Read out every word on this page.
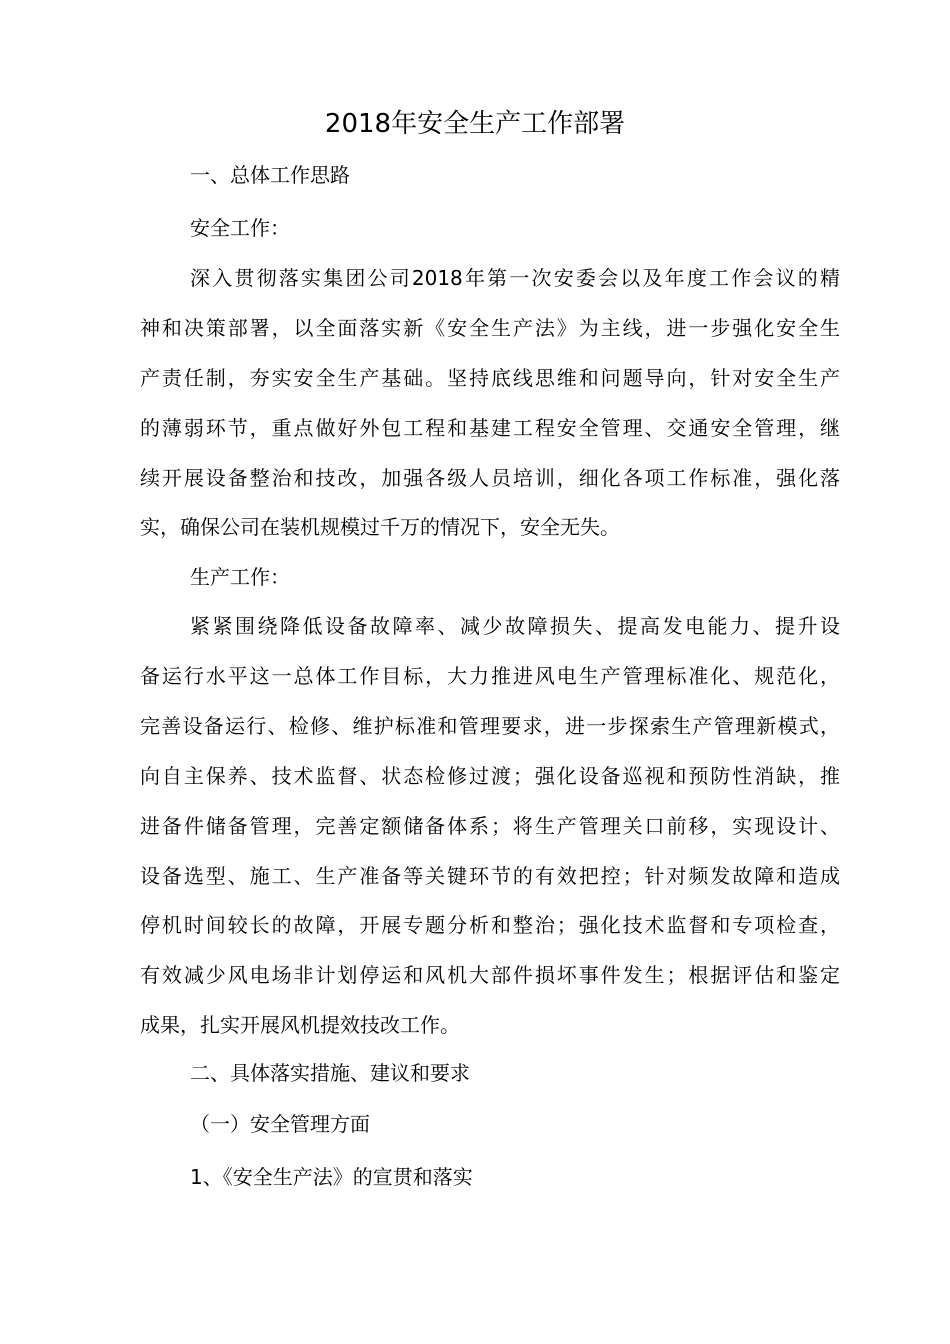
2018年安全生产工作部署
一、总体工作思路
安全工作：
深入贯彻落实集团公司2018年第一次安委会以及年度工作会议的精
神和决策部署，以全面落实新《安全生产法》为主线，进一步强化安全生
产责任制，夯实安全生产基础。坚持底线思维和问题导向，针对安全生产
的薄弱环节，重点做好外包工程和基建工程安全管理、交通安全管理，继
续开展设备整治和技改，加强各级人员培训，细化各项工作标准，强化落
实，确保公司在装机规模过千万的情况下，安全无失。
生产工作：
紧紧围绕降低设备故障率、减少故障损失、提高发电能力、提升设
备运行水平这一总体工作目标，大力推进风电生产管理标准化、规范化，
完善设备运行、检修、维护标准和管理要求，进一步探索生产管理新模式，
向自主保养、技术监督、状态检修过渡；强化设备巡视和预防性消缺，推
进备件储备管理，完善定额储备体系；将生产管理关口前移，实现设计、
设备选型、施工、生产准备等关键环节的有效把控；针对频发故障和造成
停机时间较长的故障，开展专题分析和整治；强化技术监督和专项检查，
有效减少风电场非计划停运和风机大部件损坏事件发生；根据评估和鉴定
成果，扎实开展风机提效技改工作。
二、具体落实措施、建议和要求
（一）安全管理方面
1、《安全生产法》的宣贯和落实
